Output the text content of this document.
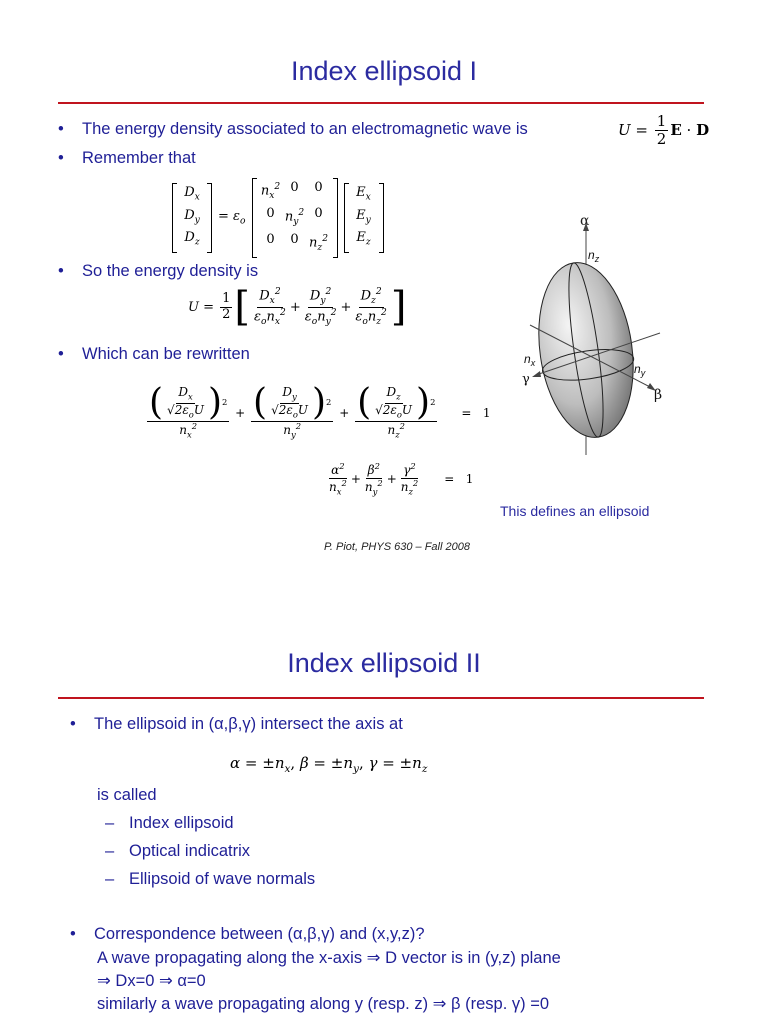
Index ellipsoid I
• The energy density associated to an electromagnetic wave is	$U = \frac{1}{2}$ E · D
• Remember that
$D_x$
$D_y$
$D_z$
= $\varepsilon_o$
$n_x^2$ 0	0
0 $n_y^2$ 0
0	0 $n_z^2$
$E_x$
$E_y$
$E_z$
• So the energy density is
$U = \frac{1}{2}$ [ $\frac{D_x^2}{\varepsilon_on_x^2} + \frac{D_y^2}{\varepsilon_on_y^2} + \frac{D_z^2}{\varepsilon_on_z^2}$ ]
• Which can be rewritten
$\frac{( \frac{D_x}{√2\varepsilon_oU} ) 2}{n_x^2} + \frac{( \frac{D_y}{√2\varepsilon_oU} ) 2}{n_y^2} + \frac{( \frac{D_z}{√2\varepsilon_oU} ) 2}{n_z^2} = 1$
$\frac{\alpha^2}{n_x^2} + \frac{\beta^2}{n_y^2} + \frac{\gamma^2}{n_z^2} = 1$
α
$n_z$
$n_x$
γ
$n_y$
β
This defines an ellipsoid
P. Piot, PHYS 630 – Fall 2008
Index ellipsoid II
• The ellipsoid in (α,β,γ) intersect the axis at
$\alpha = \pm n_x$, $\beta = \pm n_y$, $\gamma = \pm n_z$
is called
– Index ellipsoid
– Optical indicatrix
– Ellipsoid of wave normals
• Correspondence between (α,β,γ) and (x,y,z)?
A wave propagating along the x-axis ⇒ D vector is in (y,z) plane
⇒ Dx=0 ⇒ α=0
similarly a wave propagating along y (resp. z) ⇒ β (resp. γ) =0
